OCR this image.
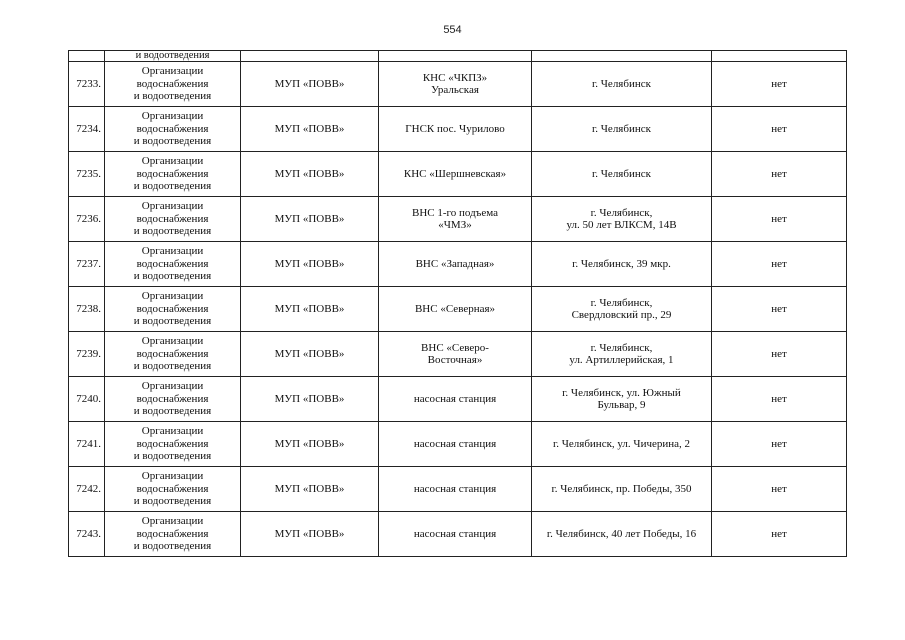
554
	и водоотведения				
7233.	Организации
водоснабжения
и водоотведения	МУП «ПОВВ»	КНС «ЧКПЗ»
Уральская	г. Челябинск	нет
7234.	Организации
водоснабжения
и водоотведения	МУП «ПОВВ»	ГНСК пос. Чурилово	г. Челябинск	нет
7235.	Организации
водоснабжения
и водоотведения	МУП «ПОВВ»	КНС «Шершневская»	г. Челябинск	нет
7236.	Организации
водоснабжения
и водоотведения	МУП «ПОВВ»	ВНС 1-го подъема
«ЧМЗ»	г. Челябинск,
ул. 50 лет ВЛКСМ, 14В	нет
7237.	Организации
водоснабжения
и водоотведения	МУП «ПОВВ»	ВНС «Западная»	г. Челябинск, 39 мкр.	нет
7238.	Организации
водоснабжения
и водоотведения	МУП «ПОВВ»	ВНС «Северная»	г. Челябинск,
Свердловский пр., 29	нет
7239.	Организации
водоснабжения
и водоотведения	МУП «ПОВВ»	ВНС «Северо-
Восточная»	г. Челябинск,
ул. Артиллерийская, 1	нет
7240.	Организации
водоснабжения
и водоотведения	МУП «ПОВВ»	насосная станция	г. Челябинск, ул. Южный
Бульвар, 9	нет
7241.	Организации
водоснабжения
и водоотведения	МУП «ПОВВ»	насосная станция	г. Челябинск, ул. Чичерина, 2	нет
7242.	Организации
водоснабжения
и водоотведения	МУП «ПОВВ»	насосная станция	г. Челябинск, пр. Победы, 350	нет
7243.	Организации
водоснабжения
и водоотведения	МУП «ПОВВ»	насосная станция	г. Челябинск, 40 лет Победы, 16	нет
